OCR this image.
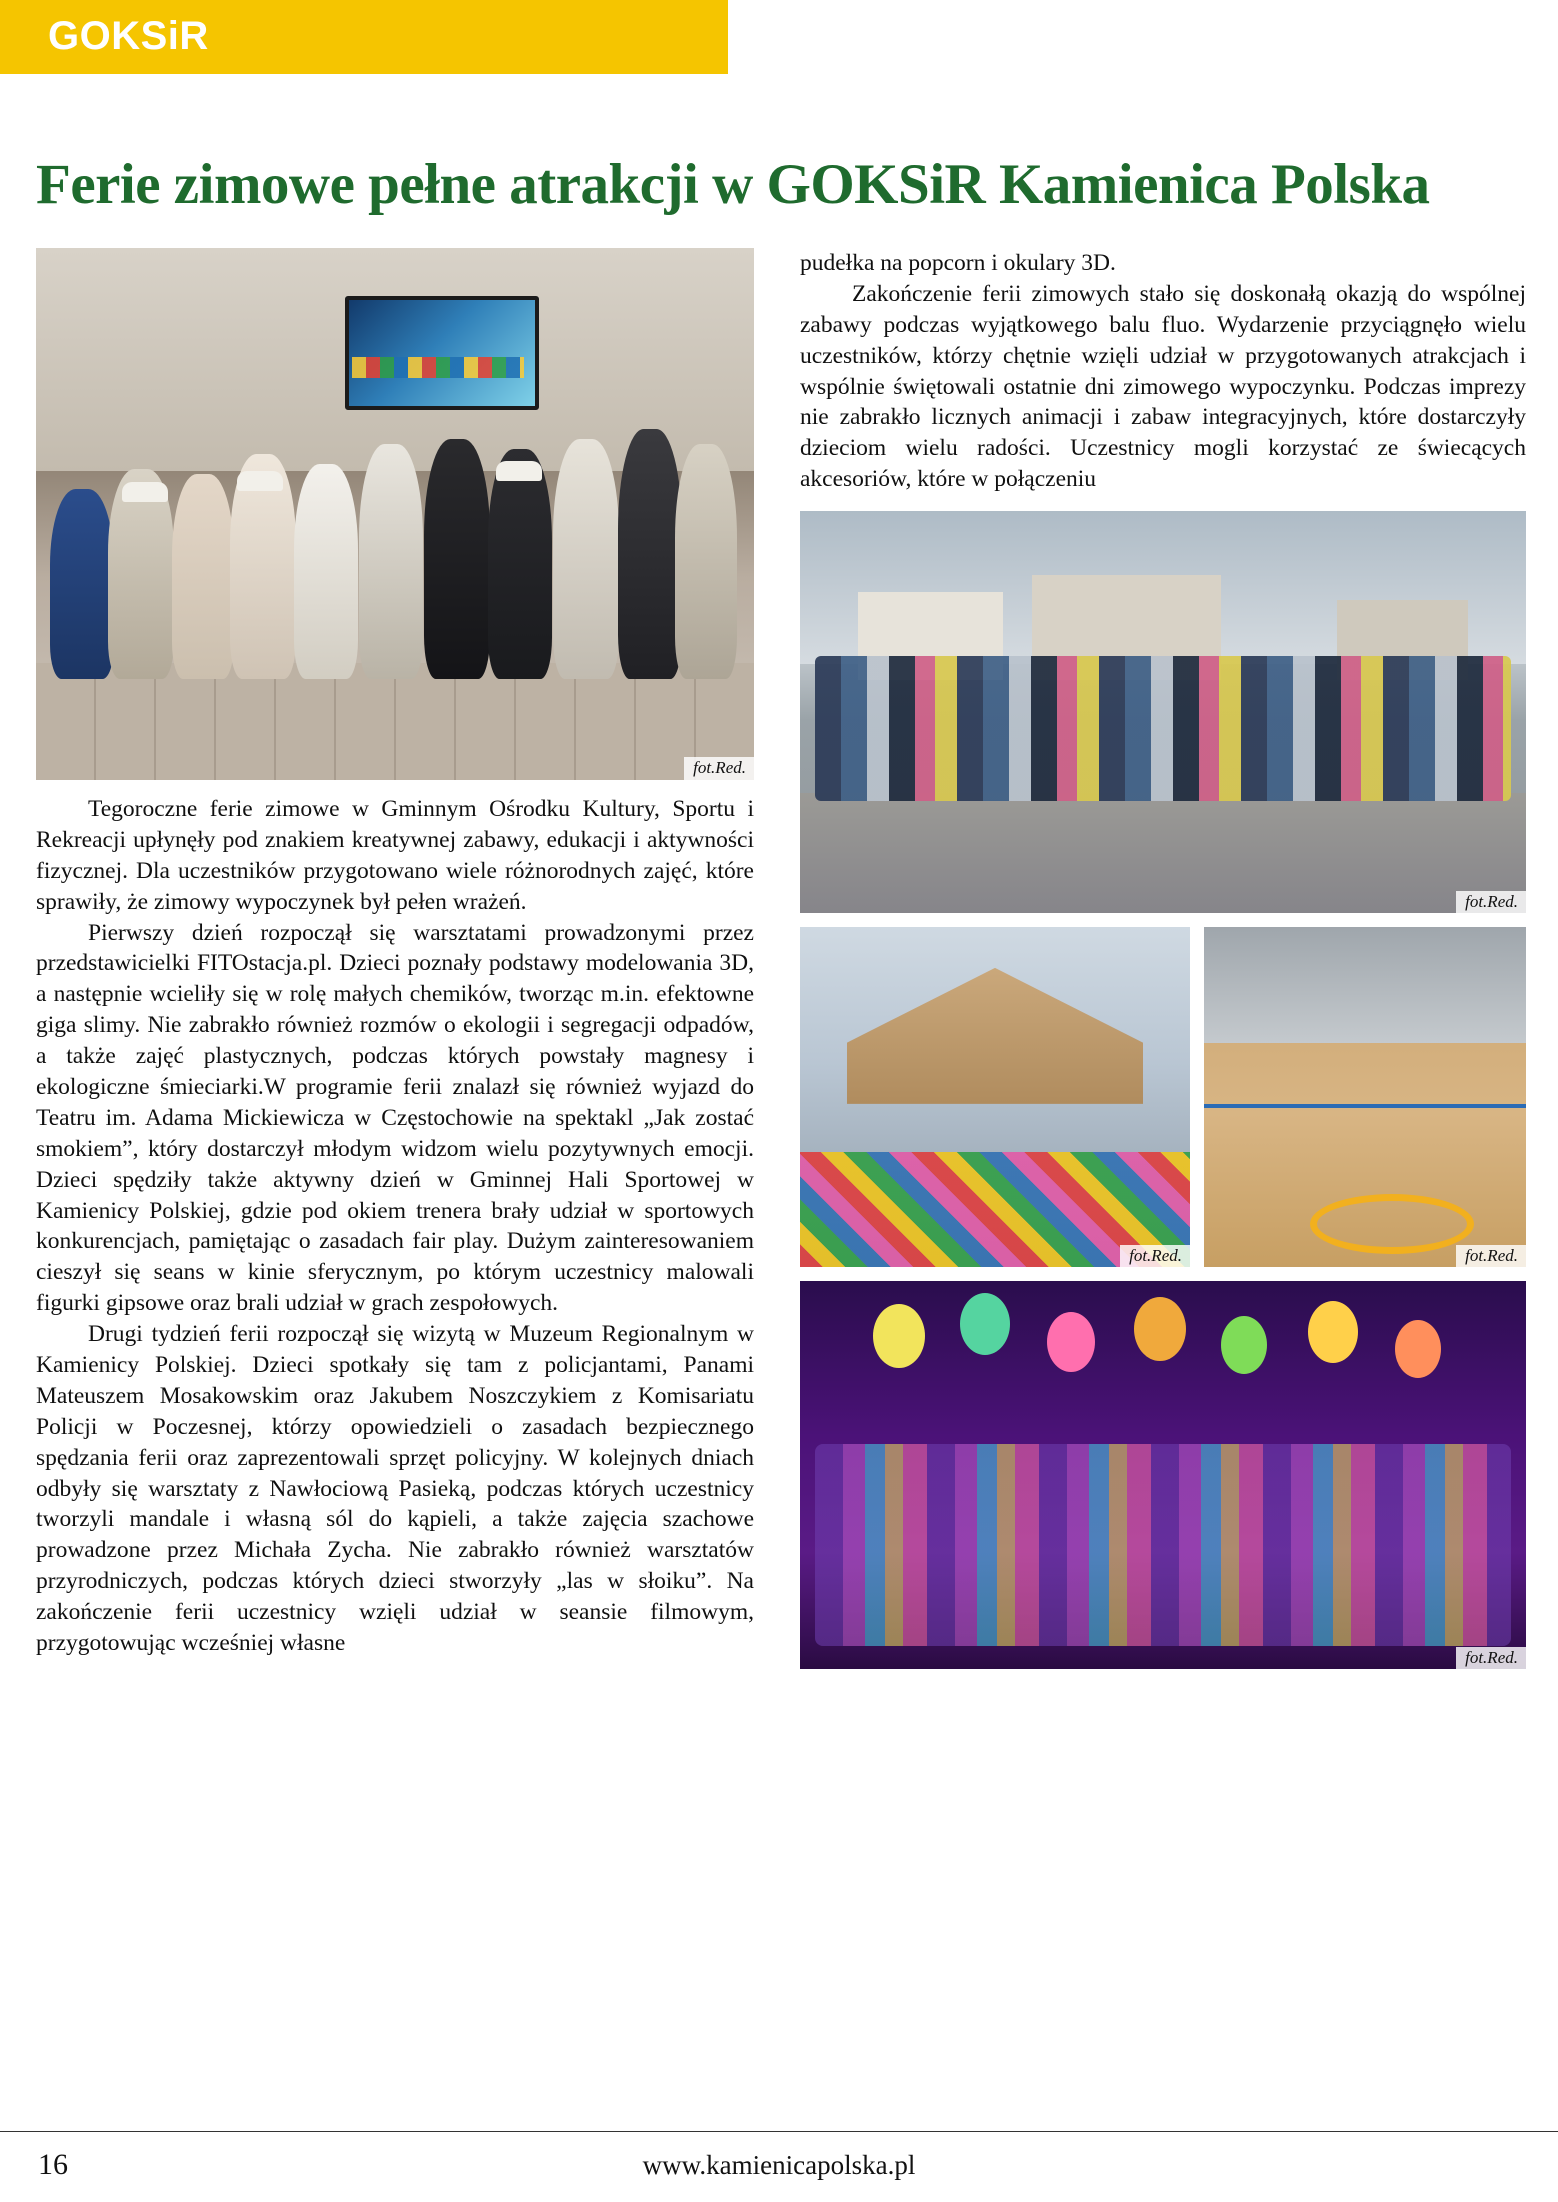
GOKSiR
Ferie zimowe pełne atrakcji w GOKSiR Kamienica Polska
fot.Red.

Tegoroczne ferie zimowe w Gminnym Ośrodku Kultury, Sportu i Rekreacji upłynęły pod znakiem kreatywnej zabawy, edukacji i aktywności fizycznej. Dla uczestników przygotowano wiele różnorodnych zajęć, które sprawiły, że zimowy wypoczynek był pełen wrażeń.

Pierwszy dzień rozpoczął się warsztatami prowadzonymi przez przedstawicielki FITOstacja.pl. Dzieci poznały podstawy modelowania 3D, a następnie wcieliły się w rolę małych chemików, tworząc m.in. efektowne giga slimy. Nie zabrakło również rozmów o ekologii i segregacji odpadów, a także zajęć plastycznych, podczas których powstały magnesy i ekologiczne śmieciarki.W programie ferii znalazł się również wyjazd do Teatru im. Adama Mickiewicza w Częstochowie na spektakl „Jak zostać smokiem”, który dostarczył młodym widzom wielu pozytywnych emocji. Dzieci spędziły także aktywny dzień w Gminnej Hali Sportowej w Kamienicy Polskiej, gdzie pod okiem trenera brały udział w sportowych konkurencjach, pamiętając o zasadach fair play. Dużym zainteresowaniem cieszył się seans w kinie sferycznym, po którym uczestnicy malowali figurki gipsowe oraz brali udział w grach zespołowych.

Drugi tydzień ferii rozpoczął się wizytą w Muzeum Regionalnym w Kamienicy Polskiej. Dzieci spotkały się tam z policjantami, Panami Mateuszem Mosakowskim oraz Jakubem Noszczykiem z Komisariatu Policji w Poczesnej, którzy opowiedzieli o zasadach bezpiecznego spędzania ferii oraz zaprezentowali sprzęt policyjny. W kolejnych dniach odbyły się warsztaty z Nawłociową Pasieką, podczas których uczestnicy tworzyli mandale i własną sól do kąpieli, a także zajęcia szachowe prowadzone przez Michała Zycha. Nie zabrakło również warsztatów przyrodniczych, podczas których dzieci stworzyły „las w słoiku”. Na zakończenie ferii uczestnicy wzięli udział w seansie filmowym, przygotowując wcześniej własne

pudełka na popcorn i okulary 3D.

Zakończenie ferii zimowych stało się doskonałą okazją do wspólnej zabawy podczas wyjątkowego balu fluo. Wydarzenie przyciągnęło wielu uczestników, którzy chętnie wzięli udział w przygotowanych atrakcjach i wspólnie świętowali ostatnie dni zimowego wypoczynku. Podczas imprezy nie zabrakło licznych animacji i zabaw integracyjnych, które dostarczyły dzieciom wielu radości. Uczestnicy mogli korzystać ze świecących akcesoriów, które w połączeniu

fot.Red.
fot.Red.	fot.Red.
fot.Red.
16	www.kamienicapolska.pl
